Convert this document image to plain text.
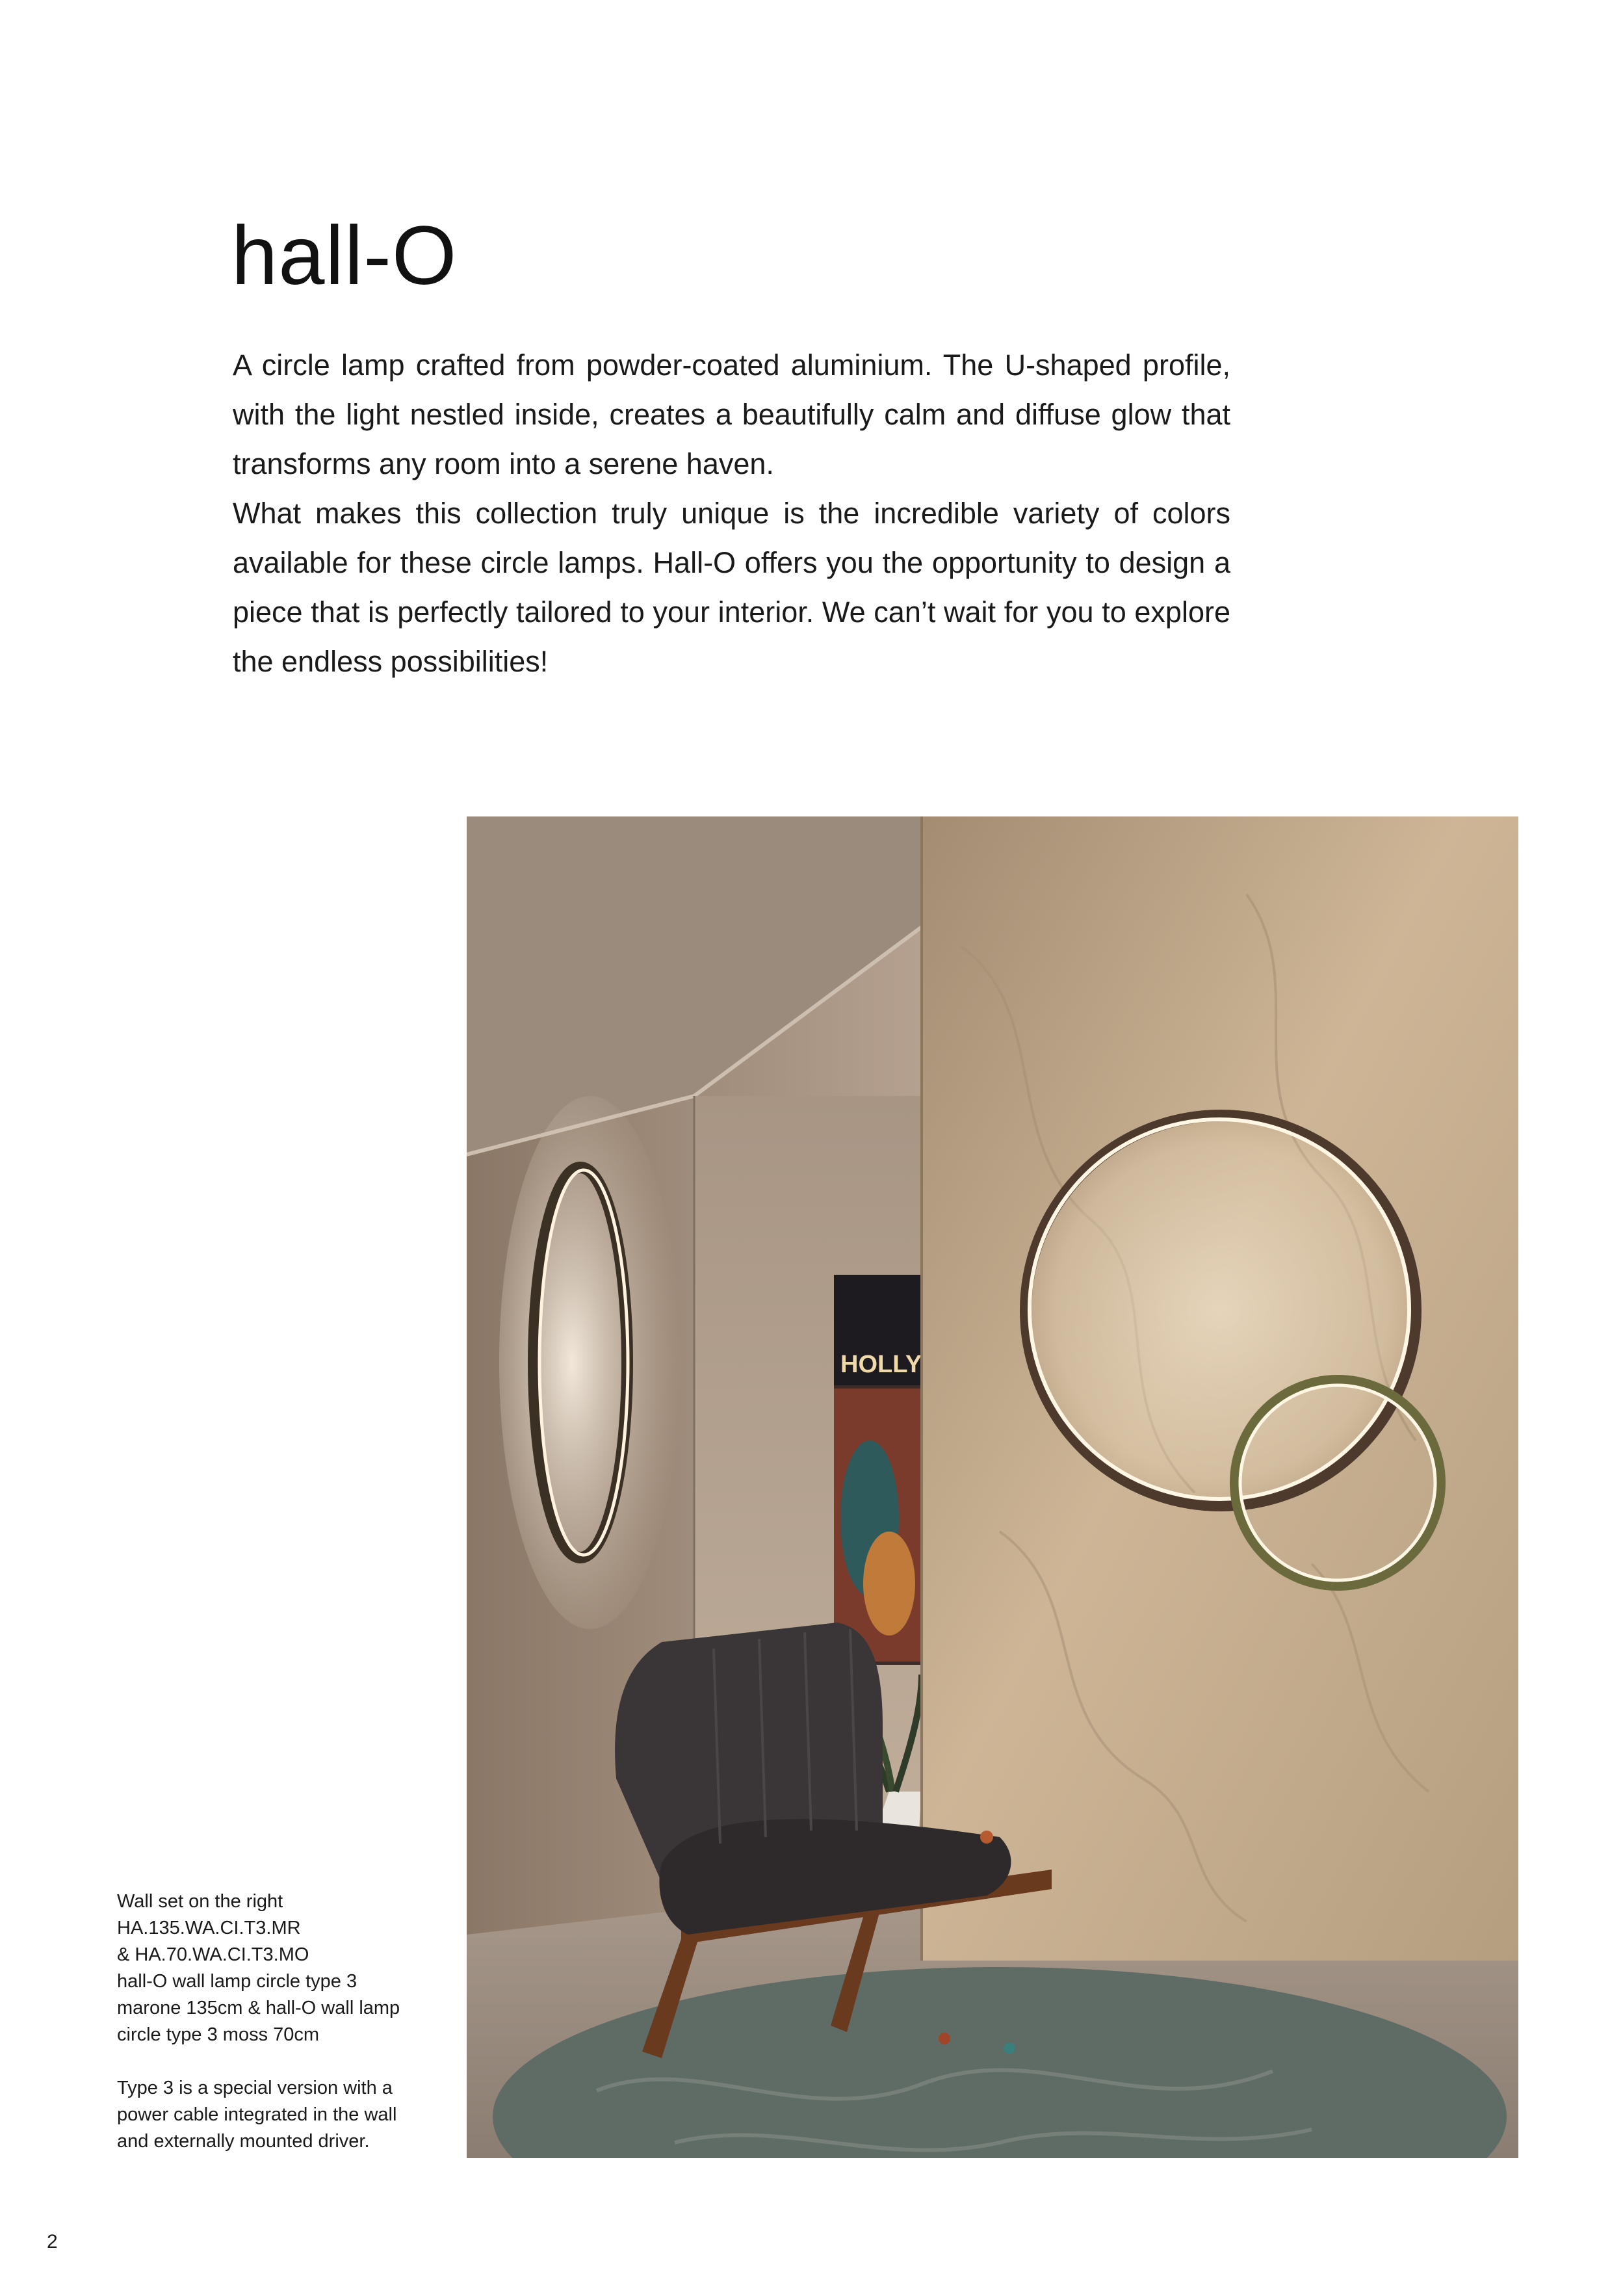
hall-O

A circle lamp crafted from powder-coated aluminium. The U-shaped profile, with the light nestled inside, creates a beautifully calm and diffuse glow that transforms any room into a serene haven.

What makes this collection truly unique is the incredible variety of colors available for these circle lamps. Hall-O offers you the opportunity to design a piece that is perfectly tailored to your interior. We can’t wait for you to explore the endless possibilities!

HOLLY

Wall set on the right

HA.135.WA.CI.T3.MR

& HA.70.WA.CI.T3.MO

hall-O wall lamp circle type 3

marone 135cm & hall-O wall lamp

circle type 3 moss 70cm

Type 3 is a special version with a

power cable integrated in the wall

and externally mounted driver.

2
